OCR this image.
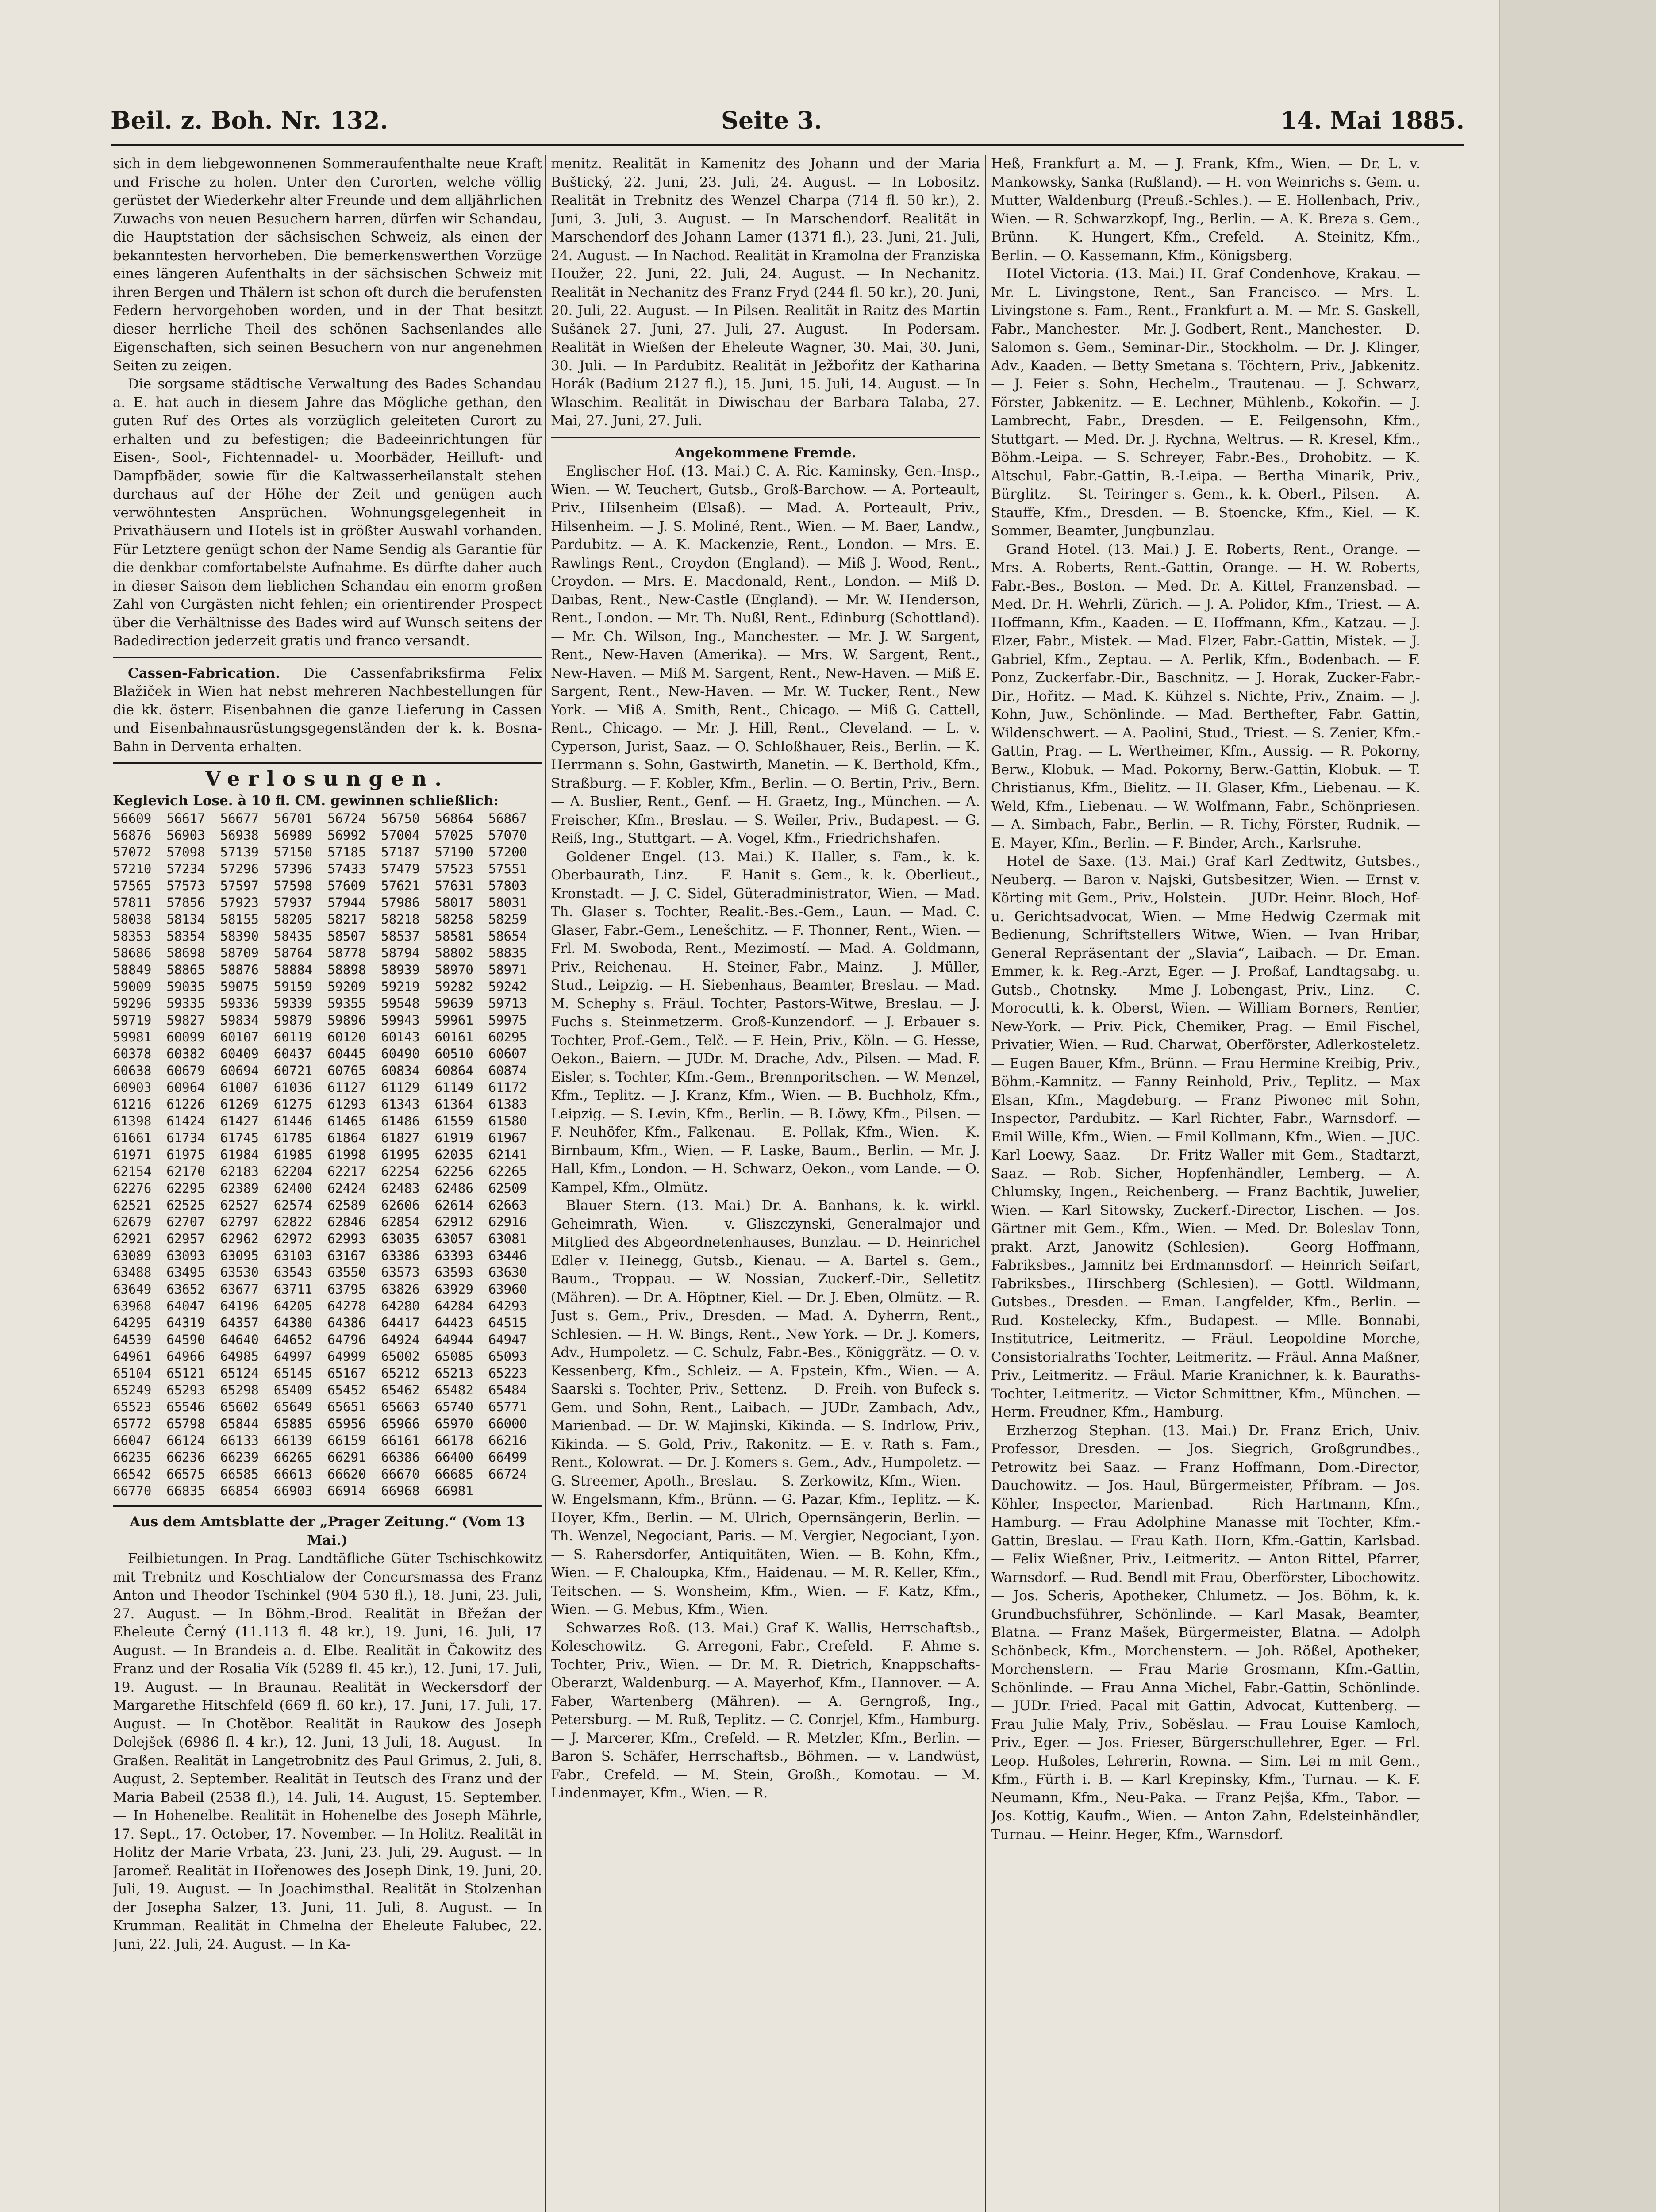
Beil. z. Boh. Nr. 132.	Seite 3.	14. Mai 1885.

sich in dem liebgewonnenen Sommeraufenthalte neue Kraft und Frische zu holen. Unter den Curorten, welche völlig gerüstet der Wiederkehr alter Freunde und dem alljährlichen Zuwachs von neuen Besuchern harren, dürfen wir Schandau, die Hauptstation der sächsischen Schweiz, als einen der bekanntesten hervorheben. Die bemerkenswerthen Vorzüge eines längeren Aufenthalts in der sächsischen Schweiz mit ihren Bergen und Thälern ist schon oft durch die berufensten Federn hervorgehoben worden, und in der That besitzt dieser herrliche Theil des schönen Sachsenlandes alle Eigenschaften, sich seinen Besuchern von nur angenehmen Seiten zu zeigen.

Die sorgsame städtische Verwaltung des Bades Schandau a. E. hat auch in diesem Jahre das Mögliche gethan, den guten Ruf des Ortes als vorzüglich geleiteten Curort zu erhalten und zu befestigen; die Badeeinrichtungen für Eisen-, Sool-, Fichtennadel- u. Moorbäder, Heilluft- und Dampfbäder, sowie für die Kaltwasserheilanstalt stehen durchaus auf der Höhe der Zeit und genügen auch verwöhntesten Ansprüchen. Wohnungsgelegenheit in Privathäusern und Hotels ist in größter Auswahl vorhanden. Für Letztere genügt schon der Name Sendig als Garantie für die denkbar comfortabelste Aufnahme. Es dürfte daher auch in dieser Saison dem lieblichen Schandau ein enorm großen Zahl von Curgästen nicht fehlen; ein orientirender Prospect über die Verhältnisse des Bades wird auf Wunsch seitens der Badedirection jederzeit gratis und franco versandt.

Cassen-Fabrication. Die Cassenfabriksfirma Felix Blažiček in Wien hat nebst mehreren Nachbestellungen für die kk. österr. Eisenbahnen die ganze Lieferung in Cassen und Eisenbahnausrüstungsgegenständen der k. k. Bosna-Bahn in Derventa erhalten.

Verlosungen.

Keglevich Lose. à 10 fl. CM. gewinnen schließlich:

56609	56617	56677	56701	56724	56750	56864	56867
56876	56903	56938	56989	56992	57004	57025	57070
57072	57098	57139	57150	57185	57187	57190	57200
57210	57234	57296	57396	57433	57479	57523	57551
57565	57573	57597	57598	57609	57621	57631	57803
57811	57856	57923	57937	57944	57986	58017	58031
58038	58134	58155	58205	58217	58218	58258	58259
58353	58354	58390	58435	58507	58537	58581	58654
58686	58698	58709	58764	58778	58794	58802	58835
58849	58865	58876	58884	58898	58939	58970	58971
59009	59035	59075	59159	59209	59219	59282	59242
59296	59335	59336	59339	59355	59548	59639	59713
59719	59827	59834	59879	59896	59943	59961	59975
59981	60099	60107	60119	60120	60143	60161	60295
60378	60382	60409	60437	60445	60490	60510	60607
60638	60679	60694	60721	60765	60834	60864	60874
60903	60964	61007	61036	61127	61129	61149	61172
61216	61226	61269	61275	61293	61343	61364	61383
61398	61424	61427	61446	61465	61486	61559	61580
61661	61734	61745	61785	61864	61827	61919	61967
61971	61975	61984	61985	61998	61995	62035	62141
62154	62170	62183	62204	62217	62254	62256	62265
62276	62295	62389	62400	62424	62483	62486	62509
62521	62525	62527	62574	62589	62606	62614	62663
62679	62707	62797	62822	62846	62854	62912	62916
62921	62957	62962	62972	62993	63035	63057	63081
63089	63093	63095	63103	63167	63386	63393	63446
63488	63495	63530	63543	63550	63573	63593	63630
63649	63652	63677	63711	63795	63826	63929	63960
63968	64047	64196	64205	64278	64280	64284	64293
64295	64319	64357	64380	64386	64417	64423	64515
64539	64590	64640	64652	64796	64924	64944	64947
64961	64966	64985	64997	64999	65002	65085	65093
65104	65121	65124	65145	65167	65212	65213	65223
65249	65293	65298	65409	65452	65462	65482	65484
65523	65546	65602	65649	65651	65663	65740	65771
65772	65798	65844	65885	65956	65966	65970	66000
66047	66124	66133	66139	66159	66161	66178	66216
66235	66236	66239	66265	66291	66386	66400	66499
66542	66575	66585	66613	66620	66670	66685	66724
66770	66835	66854	66903	66914	66968	66981	

Aus dem Amtsblatte der „Prager Zeitung.“ (Vom 13 Mai.)

Feilbietungen. In Prag. Landtäfliche Güter Tschischkowitz mit Trebnitz und Koschtialow der Concursmassa des Franz Anton und Theodor Tschinkel (904 530 fl.), 18. Juni, 23. Juli, 27. August. — In Böhm.-Brod. Realität in Břežan der Eheleute Černý (11.113 fl. 48 kr.), 19. Juni, 16. Juli, 17 August. — In Brandeis a. d. Elbe. Realität in Čakowitz des Franz und der Rosalia Vík (5289 fl. 45 kr.), 12. Juni, 17. Juli, 19. August. — In Braunau. Realität in Weckersdorf der Margarethe Hitschfeld (669 fl. 60 kr.), 17. Juni, 17. Juli, 17. August. — In Chotěbor. Realität in Raukow des Joseph Dolejšek (6986 fl. 4 kr.), 12. Juni, 13 Juli, 18. August. — In Graßen. Realität in Langetrobnitz des Paul Grimus, 2. Juli, 8. August, 2. September. Realität in Teutsch des Franz und der Maria Babeil (2538 fl.), 14. Juli, 14. August, 15. September. — In Hohenelbe. Realität in Hohenelbe des Joseph Mährle, 17. Sept., 17. October, 17. November. — In Holitz. Realität in Holitz der Marie Vrbata, 23. Juni, 23. Juli, 29. August. — In Jaromeř. Realität in Hořenowes des Joseph Dink, 19. Juni, 20. Juli, 19. August. — In Joachimsthal. Realität in Stolzenhan der Josepha Salzer, 13. Juni, 11. Juli, 8. August. — In Krumman. Realität in Chmelna der Eheleute Falubec, 22. Juni, 22. Juli, 24. August. — In Ka-

menitz. Realität in Kamenitz des Johann und der Maria Buštický, 22. Juni, 23. Juli, 24. August. — In Lobositz. Realität in Trebnitz des Wenzel Charpa (714 fl. 50 kr.), 2. Juni, 3. Juli, 3. August. — In Marschendorf. Realität in Marschendorf des Johann Lamer (1371 fl.), 23. Juni, 21. Juli, 24. August. — In Nachod. Realität in Kramolna der Franziska Houžer, 22. Juni, 22. Juli, 24. August. — In Nechanitz. Realität in Nechanitz des Franz Fryd (244 fl. 50 kr.), 20. Juni, 20. Juli, 22. August. — In Pilsen. Realität in Raitz des Martin Sušánek 27. Juni, 27. Juli, 27. August. — In Podersam. Realität in Wießen der Eheleute Wagner, 30. Mai, 30. Juni, 30. Juli. — In Pardubitz. Realität in Ježbořitz der Katharina Horák (Badium 2127 fl.), 15. Juni, 15. Juli, 14. August. — In Wlaschim. Realität in Diwischau der Barbara Talaba, 27. Mai, 27. Juni, 27. Juli.

Angekommene Fremde.

Englischer Hof. (13. Mai.) C. A. Ric. Kaminsky, Gen.-Insp., Wien. — W. Teuchert, Gutsb., Groß-Barchow. — A. Porteault, Priv., Hilsenheim (Elsaß). — Mad. A. Porteault, Priv., Hilsenheim. — J. S. Moliné, Rent., Wien. — M. Baer, Landw., Pardubitz. — A. K. Mackenzie, Rent., London. — Mrs. E. Rawlings Rent., Croydon (England). — Miß J. Wood, Rent., Croydon. — Mrs. E. Macdonald, Rent., London. — Miß D. Daibas, Rent., New-Castle (England). — Mr. W. Henderson, Rent., London. — Mr. Th. Nußl, Rent., Edinburg (Schottland). — Mr. Ch. Wilson, Ing., Manchester. — Mr. J. W. Sargent, Rent., New-Haven (Amerika). — Mrs. W. Sargent, Rent., New-Haven. — Miß M. Sargent, Rent., New-Haven. — Miß E. Sargent, Rent., New-Haven. — Mr. W. Tucker, Rent., New York. — Miß A. Smith, Rent., Chicago. — Miß G. Cattell, Rent., Chicago. — Mr. J. Hill, Rent., Cleveland. — L. v. Cyperson, Jurist, Saaz. — O. Schloßhauer, Reis., Berlin. — K. Herrmann s. Sohn, Gastwirth, Manetin. — K. Berthold, Kfm., Straßburg. — F. Kobler, Kfm., Berlin. — O. Bertin, Priv., Bern. — A. Buslier, Rent., Genf. — H. Graetz, Ing., München. — A. Freischer, Kfm., Breslau. — S. Weiler, Priv., Budapest. — G. Reiß, Ing., Stuttgart. — A. Vogel, Kfm., Friedrichshafen.

Goldener Engel. (13. Mai.) K. Haller, s. Fam., k. k. Oberbaurath, Linz. — F. Hanit s. Gem., k. k. Oberlieut., Kronstadt. — J. C. Sidel, Güteradministrator, Wien. — Mad. Th. Glaser s. Tochter, Realit.-Bes.-Gem., Laun. — Mad. C. Glaser, Fabr.-Gem., Lenešchitz. — F. Thonner, Rent., Wien. — Frl. M. Swoboda, Rent., Mezimostí. — Mad. A. Goldmann, Priv., Reichenau. — H. Steiner, Fabr., Mainz. — J. Müller, Stud., Leipzig. — H. Siebenhaus, Beamter, Breslau. — Mad. M. Schephy s. Fräul. Tochter, Pastors-Witwe, Breslau. — J. Fuchs s. Steinmetzerm. Groß-Kunzendorf. — J. Erbauer s. Tochter, Prof.-Gem., Telč. — F. Hein, Priv., Köln. — G. Hesse, Oekon., Baiern. — JUDr. M. Drache, Adv., Pilsen. — Mad. F. Eisler, s. Tochter, Kfm.-Gem., Brennporitschen. — W. Menzel, Kfm., Teplitz. — J. Kranz, Kfm., Wien. — B. Buchholz, Kfm., Leipzig. — S. Levin, Kfm., Berlin. — B. Löwy, Kfm., Pilsen. — F. Neuhöfer, Kfm., Falkenau. — E. Pollak, Kfm., Wien. — K. Birnbaum, Kfm., Wien. — F. Laske, Baum., Berlin. — Mr. J. Hall, Kfm., London. — H. Schwarz, Oekon., vom Lande. — O. Kampel, Kfm., Olmütz.

Blauer Stern. (13. Mai.) Dr. A. Banhans, k. k. wirkl. Geheimrath, Wien. — v. Gliszczynski, Generalmajor und Mitglied des Abgeordnetenhauses, Bunzlau. — D. Heinrichel Edler v. Heinegg, Gutsb., Kienau. — A. Bartel s. Gem., Baum., Troppau. — W. Nossian, Zuckerf.-Dir., Selletitz (Mähren). — Dr. A. Höptner, Kiel. — Dr. J. Eben, Olmütz. — R. Just s. Gem., Priv., Dresden. — Mad. A. Dyherrn, Rent., Schlesien. — H. W. Bings, Rent., New York. — Dr. J. Komers, Adv., Humpoletz. — C. Schulz, Fabr.-Bes., Königgrätz. — O. v. Kessenberg, Kfm., Schleiz. — A. Epstein, Kfm., Wien. — A. Saarski s. Tochter, Priv., Settenz. — D. Freih. von Bufeck s. Gem. und Sohn, Rent., Laibach. — JUDr. Zambach, Adv., Marienbad. — Dr. W. Majinski, Kikinda. — S. Indrlow, Priv., Kikinda. — S. Gold, Priv., Rakonitz. — E. v. Rath s. Fam., Rent., Kolowrat. — Dr. J. Komers s. Gem., Adv., Humpoletz. — G. Streemer, Apoth., Breslau. — S. Zerkowitz, Kfm., Wien. — W. Engelsmann, Kfm., Brünn. — G. Pazar, Kfm., Teplitz. — K. Hoyer, Kfm., Berlin. — M. Ulrich, Opernsängerin, Berlin. — Th. Wenzel, Negociant, Paris. — M. Vergier, Negociant, Lyon. — S. Rahersdorfer, Antiquitäten, Wien. — B. Kohn, Kfm., Wien. — F. Chaloupka, Kfm., Haidenau. — M. R. Keller, Kfm., Teitschen. — S. Wonsheim, Kfm., Wien. — F. Katz, Kfm., Wien. — G. Mebus, Kfm., Wien.

Schwarzes Roß. (13. Mai.) Graf K. Wallis, Herrschaftsb., Koleschowitz. — G. Arregoni, Fabr., Crefeld. — F. Ahme s. Tochter, Priv., Wien. — Dr. M. R. Dietrich, Knappschafts-Oberarzt, Waldenburg. — A. Mayerhof, Kfm., Hannover. — A. Faber, Wartenberg (Mähren). — A. Gerngroß, Ing., Petersburg. — M. Ruß, Teplitz. — C. Conrjel, Kfm., Hamburg. — J. Marcerer, Kfm., Crefeld. — R. Metzler, Kfm., Berlin. — Baron S. Schäfer, Herrschaftsb., Böhmen. — v. Landwüst, Fabr., Crefeld. — M. Stein, Großh., Komotau. — M. Lindenmayer, Kfm., Wien. — R.

Heß, Frankfurt a. M. — J. Frank, Kfm., Wien. — Dr. L. v. Mankowsky, Sanka (Rußland). — H. von Weinrichs s. Gem. u. Mutter, Waldenburg (Preuß.-Schles.). — E. Hollenbach, Priv., Wien. — R. Schwarzkopf, Ing., Berlin. — A. K. Breza s. Gem., Brünn. — K. Hungert, Kfm., Crefeld. — A. Steinitz, Kfm., Berlin. — O. Kassemann, Kfm., Königsberg.

Hotel Victoria. (13. Mai.) H. Graf Condenhove, Krakau. — Mr. L. Livingstone, Rent., San Francisco. — Mrs. L. Livingstone s. Fam., Rent., Frankfurt a. M. — Mr. S. Gaskell, Fabr., Manchester. — Mr. J. Godbert, Rent., Manchester. — D. Salomon s. Gem., Seminar-Dir., Stockholm. — Dr. J. Klinger, Adv., Kaaden. — Betty Smetana s. Töchtern, Priv., Jabkenitz. — J. Feier s. Sohn, Hechelm., Trautenau. — J. Schwarz, Förster, Jabkenitz. — E. Lechner, Mühlenb., Kokořin. — J. Lambrecht, Fabr., Dresden. — E. Feilgensohn, Kfm., Stuttgart. — Med. Dr. J. Rychna, Weltrus. — R. Kresel, Kfm., Böhm.-Leipa. — S. Schreyer, Fabr.-Bes., Drohobitz. — K. Altschul, Fabr.-Gattin, B.-Leipa. — Bertha Minarik, Priv., Bürglitz. — St. Teiringer s. Gem., k. k. Oberl., Pilsen. — A. Stauffe, Kfm., Dresden. — B. Stoencke, Kfm., Kiel. — K. Sommer, Beamter, Jungbunzlau.

Grand Hotel. (13. Mai.) J. E. Roberts, Rent., Orange. — Mrs. A. Roberts, Rent.-Gattin, Orange. — H. W. Roberts, Fabr.-Bes., Boston. — Med. Dr. A. Kittel, Franzensbad. — Med. Dr. H. Wehrli, Zürich. — J. A. Polidor, Kfm., Triest. — A. Hoffmann, Kfm., Kaaden. — E. Hoffmann, Kfm., Katzau. — J. Elzer, Fabr., Mistek. — Mad. Elzer, Fabr.-Gattin, Mistek. — J. Gabriel, Kfm., Zeptau. — A. Perlik, Kfm., Bodenbach. — F. Ponz, Zuckerfabr.-Dir., Baschnitz. — J. Horak, Zucker-Fabr.-Dir., Hořitz. — Mad. K. Kühzel s. Nichte, Priv., Znaim. — J. Kohn, Juw., Schönlinde. — Mad. Berthefter, Fabr. Gattin, Wildenschwert. — A. Paolini, Stud., Triest. — S. Zenier, Kfm.-Gattin, Prag. — L. Wertheimer, Kfm., Aussig. — R. Pokorny, Berw., Klobuk. — Mad. Pokorny, Berw.-Gattin, Klobuk. — T. Christianus, Kfm., Bielitz. — H. Glaser, Kfm., Liebenau. — K. Weld, Kfm., Liebenau. — W. Wolfmann, Fabr., Schönpriesen. — A. Simbach, Fabr., Berlin. — R. Tichy, Förster, Rudnik. — E. Mayer, Kfm., Berlin. — F. Binder, Arch., Karlsruhe.

Hotel de Saxe. (13. Mai.) Graf Karl Zedtwitz, Gutsbes., Neuberg. — Baron v. Najski, Gutsbesitzer, Wien. — Ernst v. Körting mit Gem., Priv., Holstein. — JUDr. Heinr. Bloch, Hof- u. Gerichtsadvocat, Wien. — Mme Hedwig Czermak mit Bedienung, Schriftstellers Witwe, Wien. — Ivan Hribar, General Repräsentant der „Slavia“, Laibach. — Dr. Eman. Emmer, k. k. Reg.-Arzt, Eger. — J. Proßaf, Landtagsabg. u. Gutsb., Chotnsky. — Mme J. Lobengast, Priv., Linz. — C. Morocutti, k. k. Oberst, Wien. — William Borners, Rentier, New-York. — Priv. Pick, Chemiker, Prag. — Emil Fischel, Privatier, Wien. — Rud. Charwat, Oberförster, Adlerkosteletz. — Eugen Bauer, Kfm., Brünn. — Frau Hermine Kreibig, Priv., Böhm.-Kamnitz. — Fanny Reinhold, Priv., Teplitz. — Max Elsan, Kfm., Magdeburg. — Franz Piwonec mit Sohn, Inspector, Pardubitz. — Karl Richter, Fabr., Warnsdorf. — Emil Wille, Kfm., Wien. — Emil Kollmann, Kfm., Wien. — JUC. Karl Loewy, Saaz. — Dr. Fritz Waller mit Gem., Stadtarzt, Saaz. — Rob. Sicher, Hopfenhändler, Lemberg. — A. Chlumsky, Ingen., Reichenberg. — Franz Bachtik, Juwelier, Wien. — Karl Sitowsky, Zuckerf.-Director, Lischen. — Jos. Gärtner mit Gem., Kfm., Wien. — Med. Dr. Boleslav Tonn, prakt. Arzt, Janowitz (Schlesien). — Georg Hoffmann, Fabriksbes., Jamnitz bei Erdmannsdorf. — Heinrich Seifart, Fabriksbes., Hirschberg (Schlesien). — Gottl. Wildmann, Gutsbes., Dresden. — Eman. Langfelder, Kfm., Berlin. — Rud. Kostelecky, Kfm., Budapest. — Mlle. Bonnabi, Institutrice, Leitmeritz. — Fräul. Leopoldine Morche, Consistorialraths Tochter, Leitmeritz. — Fräul. Anna Maßner, Priv., Leitmeritz. — Fräul. Marie Kranichner, k. k. Bauraths-Tochter, Leitmeritz. — Victor Schmittner, Kfm., München. — Herm. Freudner, Kfm., Hamburg.

Erzherzog Stephan. (13. Mai.) Dr. Franz Erich, Univ. Professor, Dresden. — Jos. Siegrich, Großgrundbes., Petrowitz bei Saaz. — Franz Hoffmann, Dom.-Director, Dauchowitz. — Jos. Haul, Bürgermeister, Příbram. — Jos. Köhler, Inspector, Marienbad. — Rich Hartmann, Kfm., Hamburg. — Frau Adolphine Manasse mit Tochter, Kfm.-Gattin, Breslau. — Frau Kath. Horn, Kfm.-Gattin, Karlsbad. — Felix Wießner, Priv., Leitmeritz. — Anton Rittel, Pfarrer, Warnsdorf. — Rud. Bendl mit Frau, Oberförster, Libochowitz. — Jos. Scheris, Apotheker, Chlumetz. — Jos. Böhm, k. k. Grundbuchsführer, Schönlinde. — Karl Masak, Beamter, Blatna. — Franz Mašek, Bürgermeister, Blatna. — Adolph Schönbeck, Kfm., Morchenstern. — Joh. Rößel, Apotheker, Morchenstern. — Frau Marie Grosmann, Kfm.-Gattin, Schönlinde. — Frau Anna Michel, Fabr.-Gattin, Schönlinde. — JUDr. Fried. Pacal mit Gattin, Advocat, Kuttenberg. — Frau Julie Maly, Priv., Soběslau. — Frau Louise Kamloch, Priv., Eger. — Jos. Frieser, Bürgerschullehrer, Eger. — Frl. Leop. Hußoles, Lehrerin, Rowna. — Sim. Lei m mit Gem., Kfm., Fürth i. B. — Karl Krepinsky, Kfm., Turnau. — K. F. Neumann, Kfm., Neu-Paka. — Franz Pejša, Kfm., Tabor. — Jos. Kottig, Kaufm., Wien. — Anton Zahn, Edelsteinhändler, Turnau. — Heinr. Heger, Kfm., Warnsdorf.
